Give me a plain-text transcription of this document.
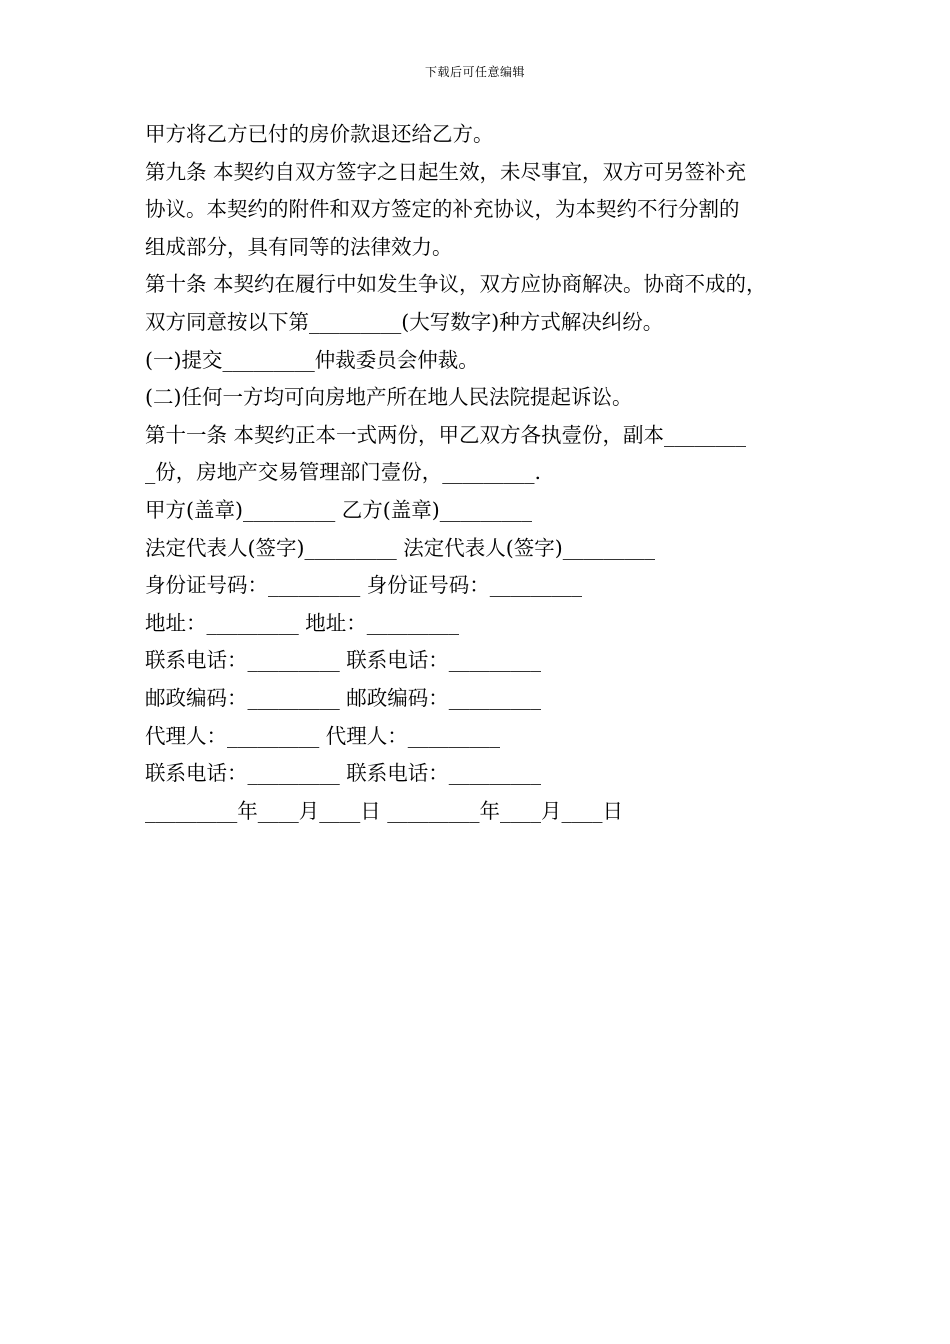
下载后可任意编辑
甲方将乙方已付的房价款退还给乙方。
第九条 本契约自双方签字之日起生效，未尽事宜，双方可另签补充
协议。本契约的附件和双方签定的补充协议，为本契约不行分割的
组成部分，具有同等的法律效力。
第十条 本契约在履行中如发生争议，双方应协商解决。协商不成的，
双方同意按以下第_________(大写数字)种方式解决纠纷。
(一)提交_________仲裁委员会仲裁。
(二)任何一方均可向房地产所在地人民法院提起诉讼。
第十一条 本契约正本一式两份，甲乙双方各执壹份，副本________
_份，房地产交易管理部门壹份，_________.
甲方(盖章)_________ 乙方(盖章)_________
法定代表人(签字)_________ 法定代表人(签字)_________
身份证号码：_________ 身份证号码：_________
地址：_________ 地址：_________
联系电话：_________ 联系电话：_________
邮政编码：_________ 邮政编码：_________
代理人：_________ 代理人：_________
联系电话：_________ 联系电话：_________
_________年____月____日 _________年____月____日
